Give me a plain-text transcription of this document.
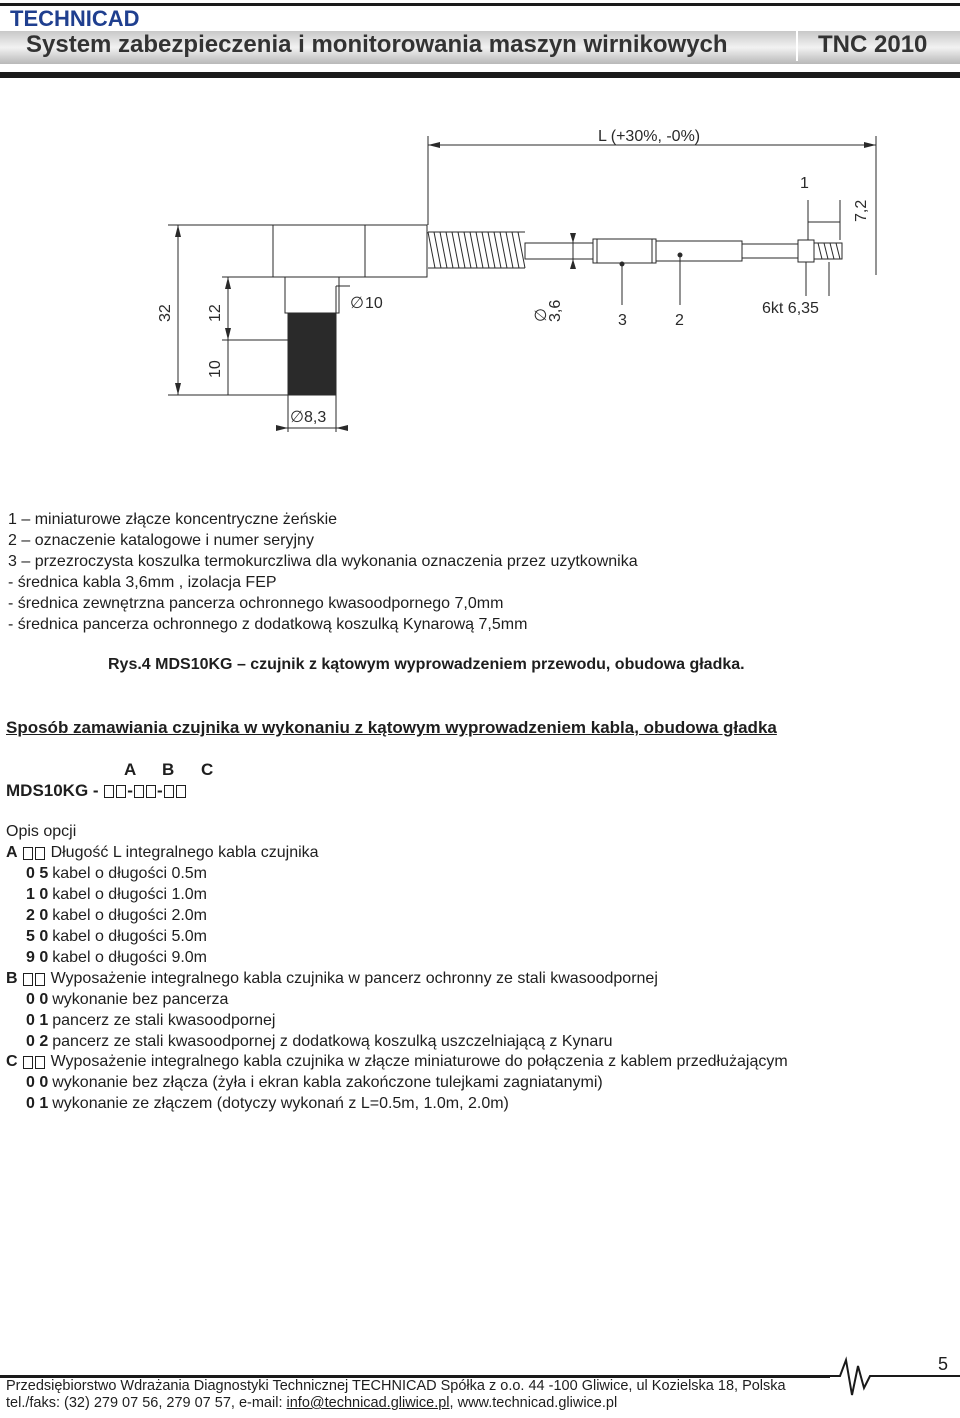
TECHNICAD
System zabezpieczenia i monitorowania maszyn wirnikowych	TNC 2010
L (+30%, -0%)
1
7,2
3,6
∅	3	2
6kt 6,35
∅ 10
32 12
10
∅ 8,3
1 – miniaturowe złącze koncentryczne żeńskie
2 – oznaczenie katalogowe i numer seryjny
3 – przezroczysta koszulka termokurczliwa dla wykonania oznaczenia przez uzytkownika
- średnica kabla 3,6mm , izolacja FEP
- średnica zewnętrzna pancerza ochronnego kwasoodpornego 7,0mm
- średnica pancerza ochronnego z dodatkową koszulką Kynarową 7,5mm
Rys.4 MDS10KG – czujnik z kątowym wyprowadzeniem przewodu, obudowa gładka.
Sposób zamawiania czujnika w wykonaniu z kątowym wyprowadzeniem kabla, obudowa gładka
A B C
MDS10KG - - -
Opis opcji
A Długość L integralnego kabla czujnika
0 5 kabel o długości 0.5m
1 0 kabel o długości 1.0m
2 0 kabel o długości 2.0m
5 0 kabel o długości 5.0m
9 0 kabel o długości 9.0m
B Wyposażenie integralnego kabla czujnika w pancerz ochronny ze stali kwasoodpornej
0 0 wykonanie bez pancerza
0 1 pancerz ze stali kwasoodpornej
0 2 pancerz ze stali kwasoodpornej z dodatkową koszulką uszczelniającą z Kynaru
C Wyposażenie integralnego kabla czujnika w złącze miniaturowe do połączenia z kablem przedłużającym
0 0 wykonanie bez złącza (żyła i ekran kabla zakończone tulejkami zagniatanymi)
0 1 wykonanie ze złączem (dotyczy wykonań z L=0.5m, 1.0m, 2.0m)
5
Przedsiębiorstwo Wdrażania Diagnostyki Technicznej TECHNICAD Spółka z o.o. 44 -100 Gliwice, ul Kozielska 18, Polska
tel./faks: (32) 279 07 56, 279 07 57, e-mail: info@technicad.gliwice.pl, www.technicad.gliwice.pl
